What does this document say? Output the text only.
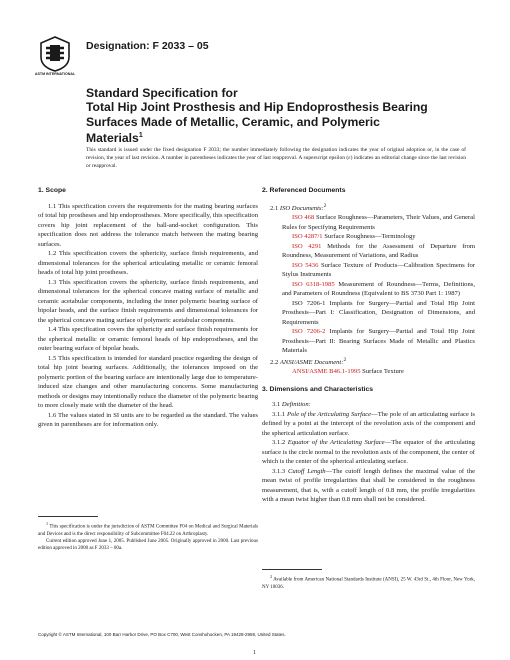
ASTM INTERNATIONAL
Designation: F 2033 – 05
Standard Specification for
Total Hip Joint Prosthesis and Hip Endoprosthesis Bearing
Surfaces Made of Metallic, Ceramic, and Polymeric
Materials$^1$
This standard is issued under the fixed designation F 2033; the number immediately following the designation indicates the year of original adoption or, in the case of revision, the year of last revision. A number in parentheses indicates the year of last reapproval. A superscript epsilon (ε) indicates an editorial change since the last revision or reapproval.
1. Scope

1.1 This specification covers the requirements for the mating bearing surfaces of total hip prostheses and hip endoprostheses. More specifically, this specification covers hip joint replacement of the ball-and-socket configuration. This specification does not address the tolerance match between the mating bearing surfaces.

1.2 This specification covers the sphericity, surface finish requirements, and dimensional tolerances for the spherical articulating metallic or ceramic femoral heads of total hip joint prostheses.

1.3 This specification covers the sphericity, surface finish requirements, and dimensional tolerances for the spherical concave mating surface of metallic and ceramic acetabular components, including the inner polymeric bearing surface of bipolar heads, and the surface finish requirements and dimensional tolerances for the spherical concave mating surface of polymeric acetabular components.

1.4 This specification covers the sphericity and surface finish requirements for the spherical metallic or ceramic femoral heads of hip endoprostheses, and the outer bearing surface of bipolar heads.

1.5 This specification is intended for standard practice regarding the design of total hip joint bearing surfaces. Additionally, the tolerances imposed on the polymeric portion of the bearing surface are intentionally large due to temperature-induced size changes and other manufacturing concerns. Some manufacturing methods or designs may intentionally reduce the diameter of the polymeric bearing to more closely mate with the diameter of the head.

1.6 The values stated in SI units are to be regarded as the standard. The values given in parentheses are for information only.

$^1$ This specification is under the jurisdiction of ASTM Committee F04 on Medical and Surgical Materials and Devices and is the direct responsibility of Subcommittee F04.22 on Arthroplasty.

Current edition approved June 1, 2005. Published June 2005. Originally approved in 2000. Last previous edition approved in 2000 as F 2033 – 00a.

2. Referenced Documents

2.1 ISO Documents:$^2$

ISO 468 Surface Roughness—Parameters, Their Values, and General Rules for Specifying Requirements

ISO 4287/1 Surface Roughness—Terminology

ISO 4291 Methods for the Assessment of Departure from Roundness, Measurement of Variations, and Radius

ISO 5436 Surface Texture of Products—Calibration Specimens for Stylus Instruments

ISO 6318-1985 Measurement of Roundness—Terms, Definitions, and Parameters of Roundness (Equivalent to BS 3730 Part 1: 1987)

ISO 7206-1 Implants for Surgery—Partial and Total Hip Joint Prosthesis—Part I: Classification, Designation of Dimensions, and Requirements

ISO 7206-2 Implants for Surgery—Partial and Total Hip Joint Prosthesis—Part II: Bearing Surfaces Made of Metallic and Plastics Materials

2.2 ANSI/ASME Document:$^2$

ANSI/ASME B46.1-1995 Surface Texture

3. Dimensions and Characteristics

3.1 Definition:

3.1.1 Pole of the Articulating Surface—The pole of an articulating surface is defined by a point at the intercept of the revolution axis of the component and the spherical articulation surface.

3.1.2 Equator of the Articulating Surface—The equator of the articulating surface is the circle normal to the revolution axis of the component, the center of which is the center of the spherical articulating surface.

3.1.3 Cutoff Length—The cutoff length defines the maximal value of the mean twist of profile irregularities that shall be considered in the roughness measurement, that is, with a cutoff length of 0.8 mm, the profile irregularities with a mean twist higher than 0.8 mm shall not be considered.

$^2$ Available from American National Standards Institute (ANSI), 25 W. 43rd St., 4th Floor, New York, NY 10036.

Copyright © ASTM International, 100 Barr Harbor Drive, PO Box C700, West Conshohocken, PA 19428-2959, United States.
1
